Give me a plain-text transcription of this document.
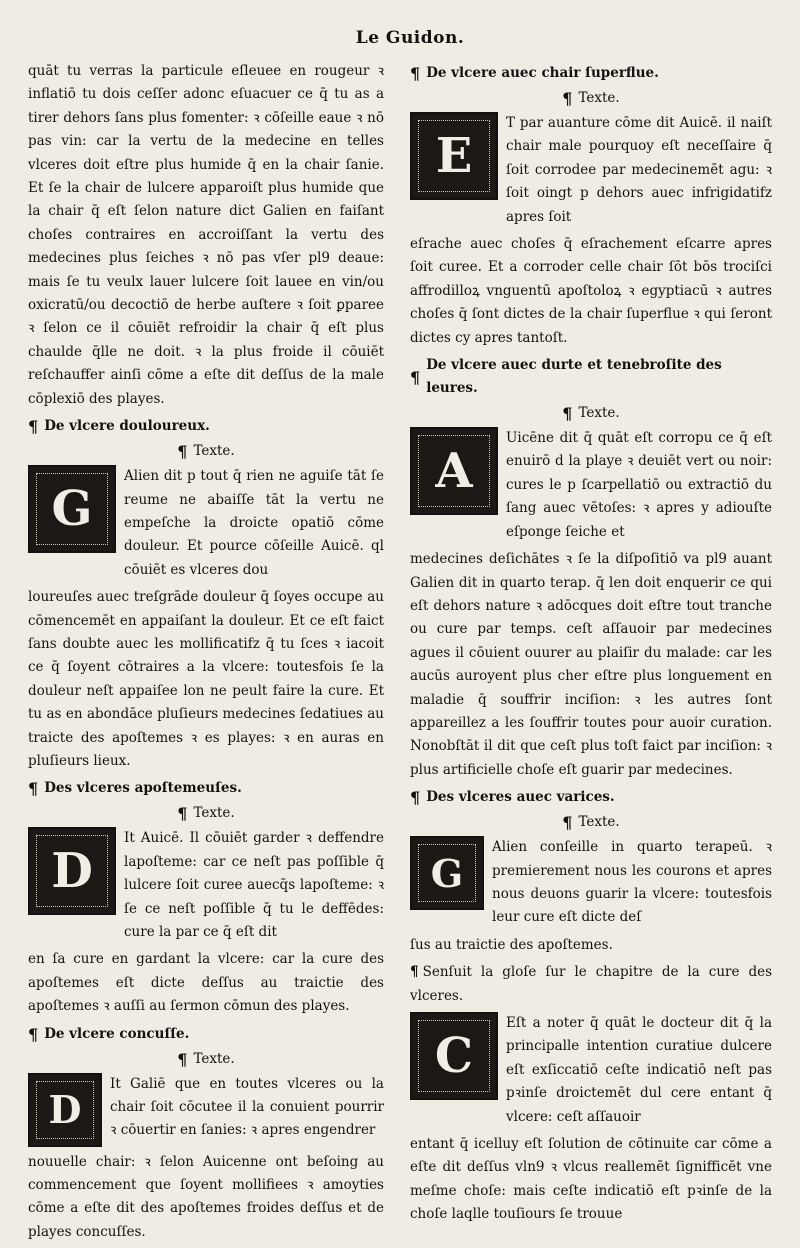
Le Guidon.

quāt tu verras la particule eſleuee en rougeur ꝛ inflatiō tu dois ceſſer adonc eſuacuer ce q̄ tu as a tirer dehors ſans plus fomenter: ꝛ cōſeille eaue ꝛ nō pas vin: car la vertu de la medecine en telles vlceres doit eſtre plus humide q̄ en la chair ſanie. Et ſe la chair de lulcere apparoiſt plus humide que la chair q̄ eſt ſelon nature dict Galien en faiſant choſes contraires en accroiſſant la vertu des medecines plus ſeiches ꝛ nō pas vſer pl9 deaue: mais ſe tu veulx lauer lulcere ſoit lauee en vin/ou oxicratū/ou decoctiō de herbe auſtere ꝛ ſoit ꝑparee ꝛ ſelon ce il cōuiēt refroidir la chair q̄ eſt plus chaulde q̄lle ne doit. ꝛ la plus froide il cōuiēt reſchauffer ainſi cōme a eſte dit deſſus de la male cōplexiō des playes.

¶ De vlcere douloureux.
¶ Texte.
G
Alien dit p tout q̄ rien ne aguiſe tāt ſe reume ne abaiſſe tāt la vertu ne empeſche la droicte opatiō cōme douleur. Et pource cōſeille Auicē. ql cōuiēt es vlceres dou

loureuſes auec treſgrāde douleur q̄ ſoyes occupe au cōmencemēt en appaiſant la douleur. Et ce eſt faict ſans doubte auec les mollificatifz q̄ tu ſces ꝛ iacoit ce q̄ ſoyent cōtraires a la vlcere: toutesfois ſe la douleur neſt appaiſee lon ne peult faire la cure. Et tu as en abondāce pluſieurs medecines ſedatiues au traicte des apoſtemes ꝛ es playes: ꝛ en auras en pluſieurs lieux.

¶ Des vlceres apoſtemeuſes.
¶ Texte.
D
It Auicē. Il cōuiēt garder ꝛ deffendre lapoſteme: car ce neſt pas poſſible q̄ lulcere ſoit curee auecq̄s lapoſteme: ꝛ ſe ce neſt poſſible q̄ tu le deffēdes: cure la par ce q̄ eſt dit

en ſa cure en gardant la vlcere: car la cure des apoſtemes eſt dicte deſſus au traictie des apoſtemes ꝛ auſſi au ſermon cōmun des playes.

¶ De vlcere concuſſe.
¶ Texte.
D
It Galiē que en toutes vlceres ou la chair ſoit cōcutee il la conuient pourrir ꝛ cōuertir en ſanies: ꝛ apres engendrer

nouuelle chair: ꝛ ſelon Auicenne ont beſoing au commencement que ſoyent mollifiees ꝛ amoyties cōme a eſte dit des apoſtemes froides deſſus et de playes concuſſes.

¶ De vlcere auec chair ſuperflue.
¶ Texte.
E
T par auanture cōme dit Auicē. il naiſt chair male pourquoy eſt neceſſaire q̄ ſoit corrodee par medecinemēt agu: ꝛ ſoit oingt p dehors auec infrigidatifz apres ſoit

eſrache auec choſes q̄ eſrachement eſcarre apres ſoit curee. Et a corroder celle chair ſōt bōs trociſci affrodilloꝝ vnguentū apoſtoloꝝ ꝛ egyptiacū ꝛ autres choſes q̄ ſont dictes de la chair ſuperflue ꝛ qui ſeront dictes cy apres tantoſt.

¶
De vlcere auec durte et tenebroſite des leures.
¶ Texte.
A
Uicēne dit q̄ quāt eſt corropu ce q̄ eſt enuirō d la playe ꝛ deuiēt vert ou noir: cures le p ſcarpellatiō ou extractiō du ſang auec vētoſes: ꝛ apres y adiouſte eſponge ſeiche et

medecines deſichātes ꝛ ſe la diſpoſitiō va pl9 auant Galien dit in quarto terap. q̄ len doit enquerir ce qui eſt dehors nature ꝛ adōcques doit eſtre tout tranche ou cure par temps. ceſt aſſauoir par medecines agues il cōuient ouurer au plaiſir du malade: car les aucūs auroyent plus cher eſtre plus longuement en maladie q̄ souffrir inciſion: ꝛ les autres ſont appareillez a les ſouffrir toutes pour auoir curation. Nonobſtāt il dit que ceſt plus toſt faict par inciſion: ꝛ plus artificielle choſe eſt guarir par medecines.

¶ Des vlceres auec varices.
¶ Texte.
G
Alien conſeille in quarto terapeū. ꝛ premierement nous les courons et apres nous deuons guarir la vlcere: toutesfois leur cure eſt dicte deſ

ſus au traictie des apoſtemes.

¶ Senſuit la gloſe ſur le chapitre de la cure des vlceres.

C
Eſt a noter q̄ quāt le docteur dit q̄ la principalle intention curatiue dulcere eſt exſiccatiō ceſte indicatiō neſt pas pꝛinſe droictemēt dul cere entant q̄ vlcere: ceſt aſſauoir

entant q̄ icelluy eſt ſolution de cōtinuite car cōme a eſte dit deſſus vln9 ꝛ vlcus reallemēt ſignifficēt vne meſme choſe: mais ceſte indicatiō eſt pꝛinſe de la choſe laqlle touſiours ſe trouue
